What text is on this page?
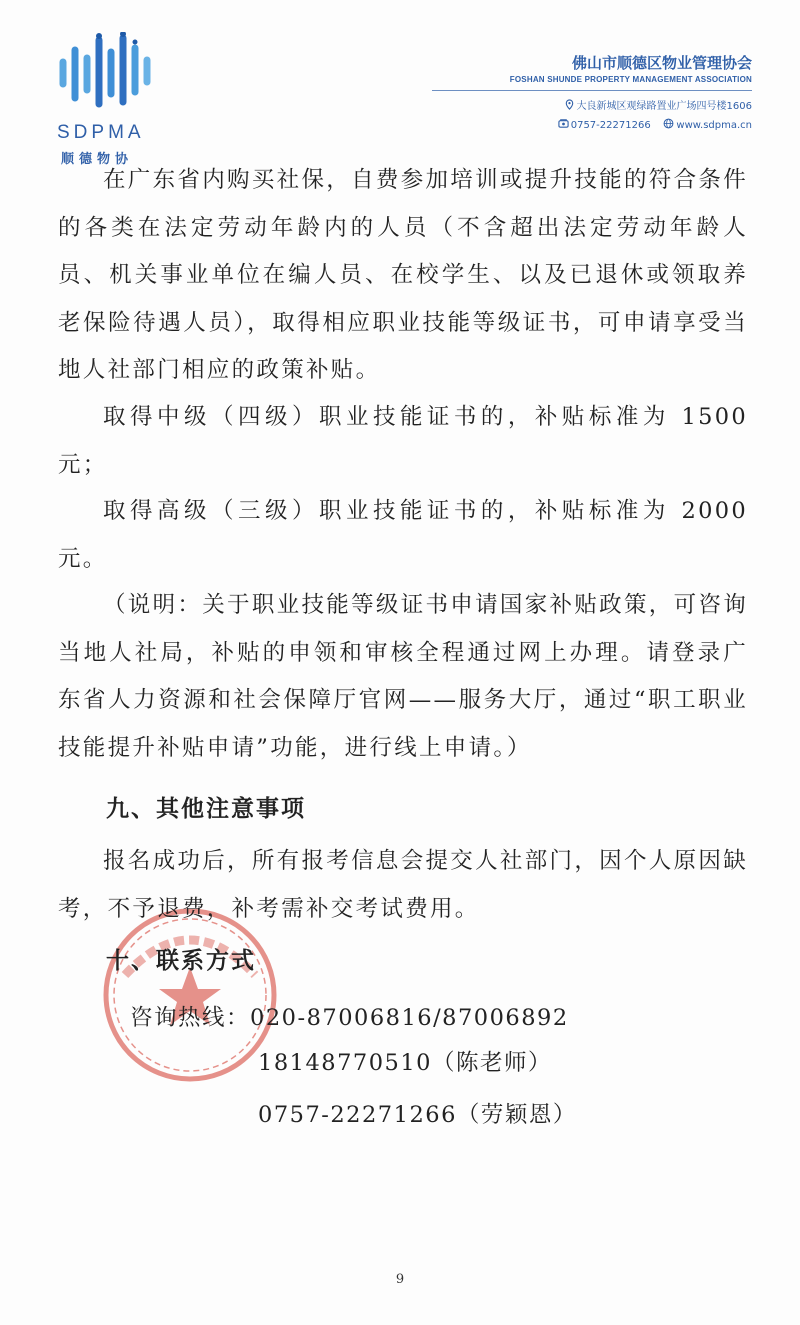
SDPMA
顺德物协
佛山市顺德区物业管理协会
FOSHAN SHUNDE PROPERTY MANAGEMENT ASSOCIATION
大良新城区观绿路置业广场四号楼1606
0757-22271266	www.sdpma.cn
在广东省内购买社保，自费参加培训或提升技能的符合条件的各类在法定劳动年龄内的人员（不含超出法定劳动年龄人员、机关事业单位在编人员、在校学生、以及已退休或领取养老保险待遇人员），取得相应职业技能等级证书，可申请享受当地人社部门相应的政策补贴。
取得中级（四级）职业技能证书的，补贴标准为 1500 元；
取得高级（三级）职业技能证书的，补贴标准为 2000 元。
（说明：关于职业技能等级证书申请国家补贴政策，可咨询当地人社局，补贴的申领和审核全程通过网上办理。请登录广东省人力资源和社会保障厅官网——服务大厅，通过“职工职业技能提升补贴申请”功能，进行线上申请。）
九、其他注意事项
报名成功后，所有报考信息会提交人社部门，因个人原因缺考，不予退费，补考需补交考试费用。
十、联系方式
咨询热线：020-87006816/87006892
18148770510（陈老师）
0757-22271266（劳颖恩）
9
